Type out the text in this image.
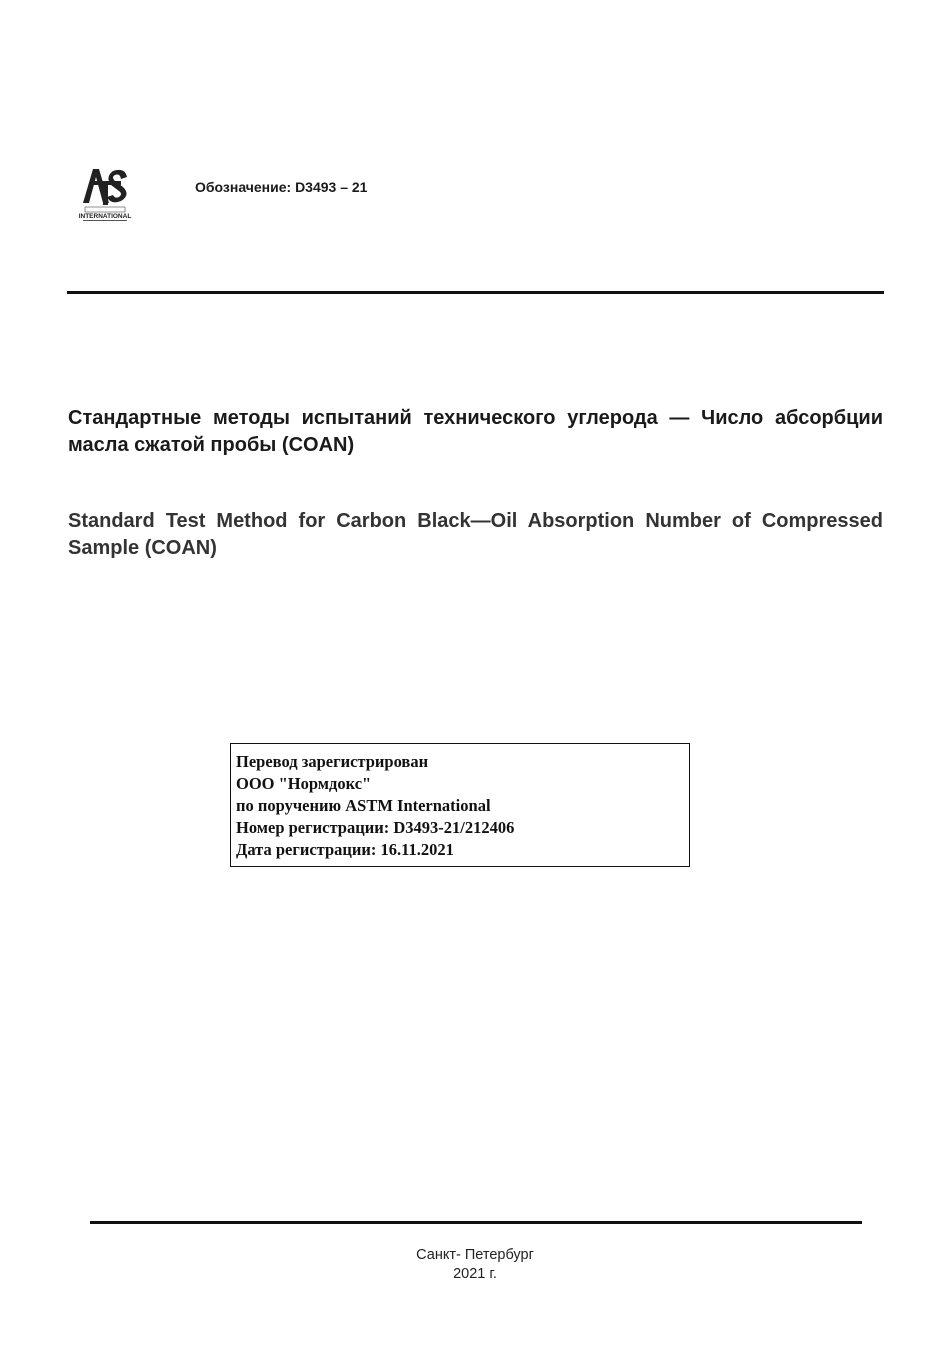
INTERNATIONAL
Обозначение: D3493 – 21
Стандартные методы испытаний технического углерода — Число абсорбции масла сжатой пробы (COAN)
Standard Test Method for Carbon Black—Oil Absorption Number of Compressed Sample (COAN)
Перевод зарегистрирован
ООО "Нормдокс"
по поручению ASTM International
Номер регистрации: D3493-21/212406
Дата регистрации: 16.11.2021
Санкт- Петербург
2021 г.
